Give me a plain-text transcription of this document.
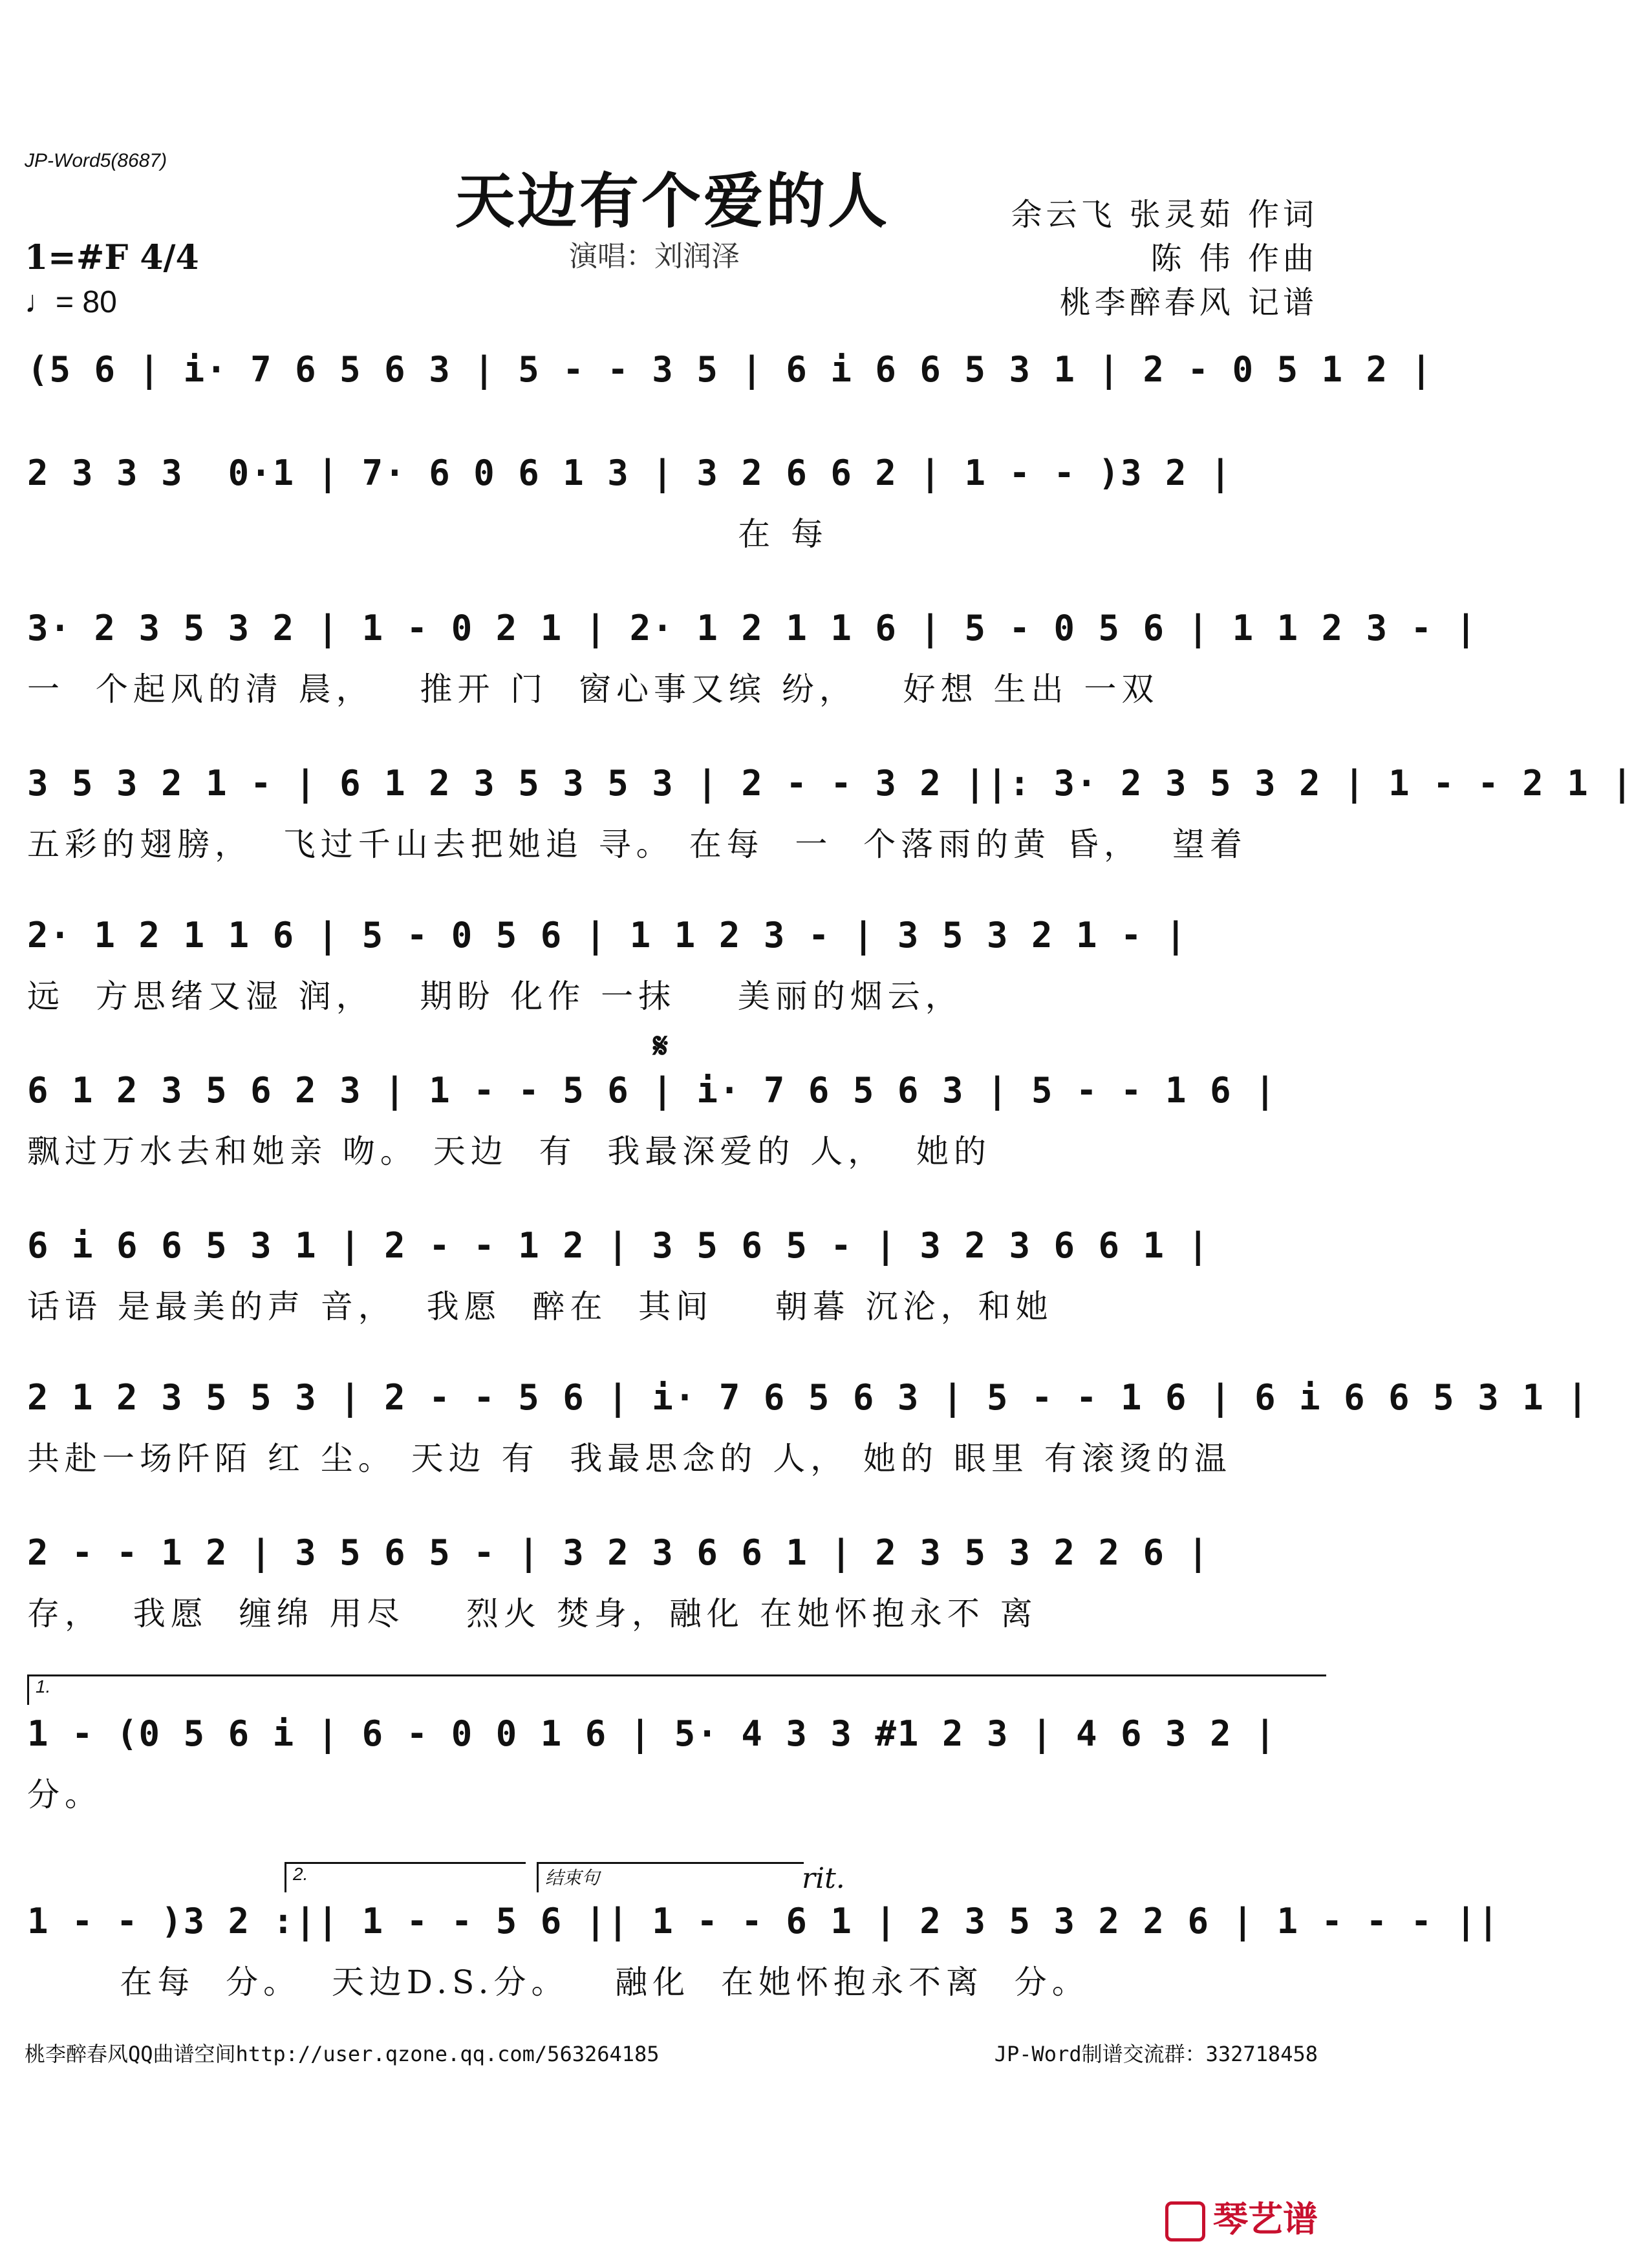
JP-Word5(8687)
天边有个爱的人
演唱：刘润泽
余云飞 张灵茹 作词
陈 伟 作曲
桃李醉春风 记谱
1=#F 4/4
♩= 80
(5 6 | i· 7 6 5 6 3 | 5 - - 3 5 | 6 i 6 6 5 3 1 | 2 - 0 5 1 2 |
2 3 3 3  0·1 | 7· 6 0 6 1 3 | 3 2 6 6 2 | 1 - - )3 2 |
在 每
3· 2 3 5 3 2 | 1 - 0 2 1 | 2· 1 2 1 1 6 | 5 - 0 5 6 | 1 1 2 3 - |
一  个起风的清 晨，   推开 门  窗心事又缤 纷，   好想 生出 一双
3 5 3 2 1 - | 6 1 2 3 5 3 5 3 | 2 - - 3 2 ||: 3· 2 3 5 3 2 | 1 - - 2 1 |
五彩的翅膀，  飞过千山去把她追 寻。 在每  一  个落雨的黄 昏，  望着
2· 1 2 1 1 6 | 5 - 0 5 6 | 1 1 2 3 - | 3 5 3 2 1 - |
远  方思绪又湿 润，   期盼 化作 一抹    美丽的烟云，
𝄋
6 1 2 3 5 6 2 3 | 1 - - 5 6 | i· 7 6 5 6 3 | 5 - - 1 6 |
飘过万水去和她亲 吻。 天边  有  我最深爱的 人，  她的
6 i 6 6 5 3 1 | 2 - - 1 2 | 3 5 6 5 - | 3 2 3 6 6 1 |
话语 是最美的声 音，  我愿  醉在  其间    朝暮 沉沦，和她
2 1 2 3 5 5 3 | 2 - - 5 6 | i· 7 6 5 6 3 | 5 - - 1 6 | 6 i 6 6 5 3 1 |
共赴一场阡陌 红 尘。 天边 有  我最思念的 人， 她的 眼里 有滚烫的温
2 - - 1 2 | 3 5 6 5 - | 3 2 3 6 6 1 | 2 3 5 3 2 2 6 |
存，  我愿  缠绵 用尽    烈火 焚身，融化 在她怀抱永不 离
1.
1 - (0 5 6 i | 6 - 0 0 1 6 | 5· 4 3 3 #1 2 3 | 4 6 3 2 |
分。
2.	结束句	rit.
1 - - )3 2 :|| 1 - - 5 6 || 1 - - 6 1 | 2 3 5 3 2 2 6 | 1 - - - ||
在每  分。  天边D.S.分。   融化  在她怀抱永不离  分。
桃李醉春风QQ曲谱空间http://user.qzone.qq.com/563264185	JP-Word制谱交流群：332718458
琴艺谱
